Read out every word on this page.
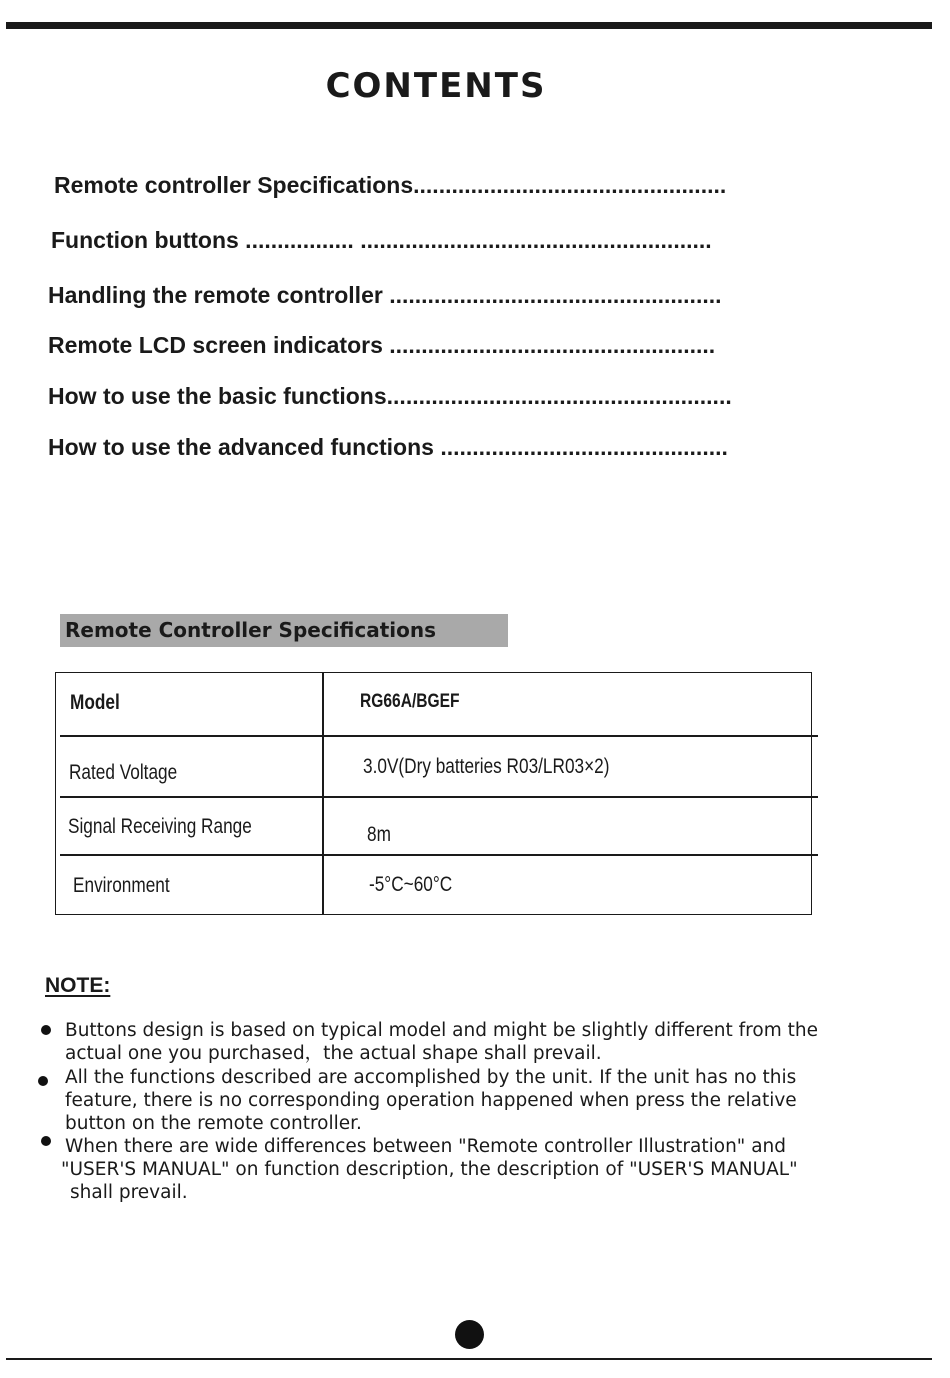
CONTENTS
Remote controller Specifications.................................................
Function buttons ................. .......................................................
Handling the remote controller ....................................................
Remote LCD screen indicators ...................................................
How to use the basic functions......................................................
How to use the advanced functions .............................................
Remote Controller Specifications
Model	RG66A/BGEF
Rated Voltage	3.0V(Dry batteries R03/LR03×2)
Signal Receiving Range	8m
Environment	-5°C~60°C
NOTE:
Buttons design is based on typical model and might be slightly different from the
actual one you purchased，the actual shape shall prevail.
All the functions described are accomplished by the unit. If the unit has no this
feature, there is no corresponding operation happened when press the relative
button on the remote controller.
When there are wide differences between "Remote controller Illustration" and
"USER'S MANUAL" on function description, the description of "USER'S MANUAL"
shall prevail.
